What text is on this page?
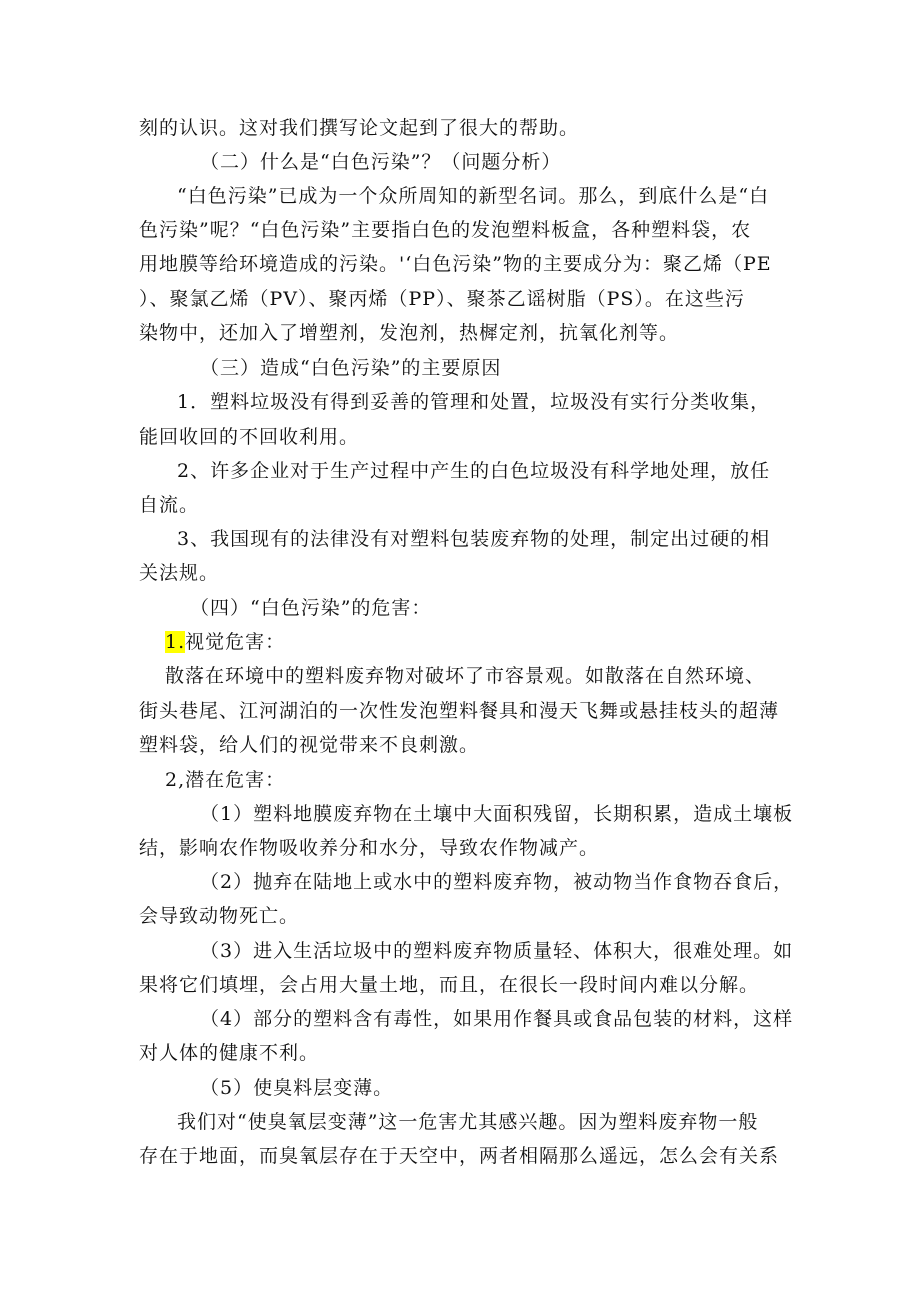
刻的认识。这对我们撰写论文起到了很大的帮助。
（二）什么是“白色污染”？（问题分析）
“白色污染”已成为一个众所周知的新型名词。那么，到底什么是“白
色污染”呢？“白色污染”主要指白色的发泡塑料板盒，各种塑料袋，农
用地膜等给环境造成的污染。'‘白色污染”物的主要成分为：聚乙烯（PE
）、聚氯乙烯（PV）、聚丙烯（PP）、聚茶乙谣树脂（PS）。在这些污
染物中，还加入了增塑剂，发泡剂，热樨定剂，抗氧化剂等。
（三）造成“白色污染”的主要原因
1．塑料垃圾没有得到妥善的管理和处置，垃圾没有实行分类收集，
能回收回的不回收利用。
2、许多企业对于生产过程中产生的白色垃圾没有科学地处理，放任
自流。
3、我国现有的法律没有对塑料包装废弃物的处理，制定出过硬的相
关法规。
（四）“白色污染”的危害：
1.视觉危害：
散落在环境中的塑料废弃物对破坏了市容景观。如散落在自然环境、
街头巷尾、江河湖泊的一次性发泡塑料餐具和漫天飞舞或悬挂枝头的超薄
塑料袋，给人们的视觉带来不良刺激。
2,潜在危害：
（1）塑料地膜废弃物在土壤中大面积残留，长期积累，造成土壤板
结，影响农作物吸收养分和水分，导致农作物减产。
（2）抛弃在陆地上或水中的塑料废弃物，被动物当作食物吞食后，
会导致动物死亡。
（3）进入生活垃圾中的塑料废弃物质量轻、体积大，很难处理。如
果将它们填埋，会占用大量土地，而且，在很长一段时间内难以分解。
（4）部分的塑料含有毒性，如果用作餐具或食品包装的材料，这样
对人体的健康不利。
（5）使臭料层变薄。
我们对“使臭氧层变薄”这一危害尤其感兴趣。因为塑料废弃物一般
存在于地面，而臭氧层存在于天空中，两者相隔那么遥远，怎么会有关系
